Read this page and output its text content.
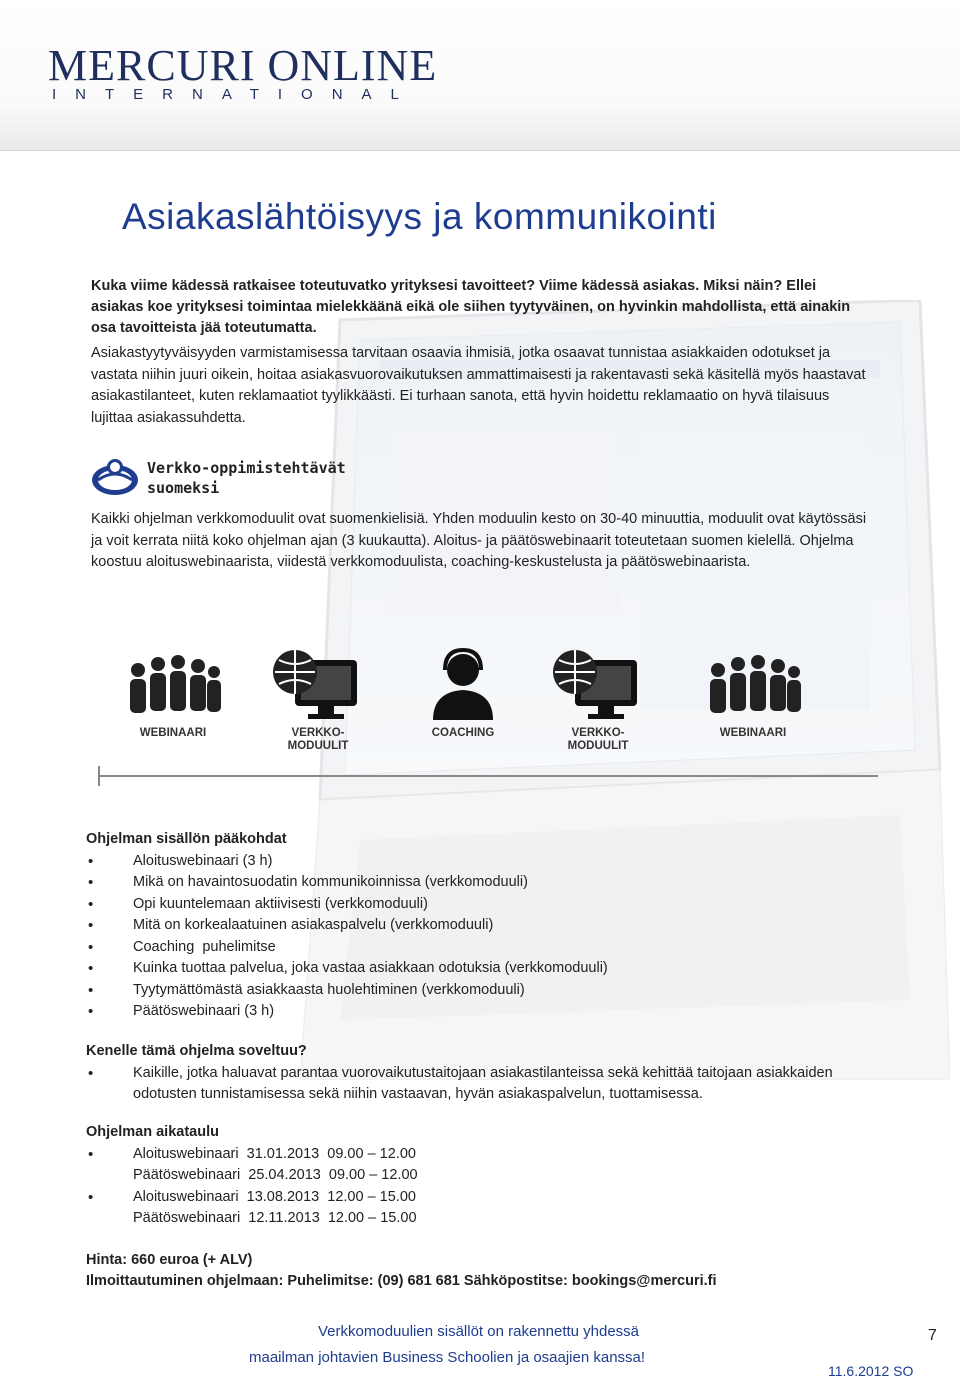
MERCURI ONLINE
INTERNATIONAL
Asiakaslähtöisyys ja kommunikointi
Kuka viime kädessä ratkaisee toteutuvatko yrityksesi tavoitteet? Viime kädessä asiakas. Miksi näin? Ellei asiakas koe yrityksesi toimintaa mielekkäänä eikä ole siihen tyytyväinen, on hyvinkin mahdollista, että ainakin osa tavoitteista jää toteutumatta.
Asiakastyytyväisyyden varmistamisessa tarvitaan osaavia ihmisiä, jotka osaavat tunnistaa asiakkaiden odotukset ja vastata niihin juuri oikein, hoitaa asiakasvuorovaikutuksen ammattimaisesti ja rakentavasti sekä käsitellä myös haastavat asiakastilanteet, kuten reklamaatiot tyylikkäästi. Ei turhaan sanota, että hyvin hoidettu reklamaatio on hyvä tilaisuus lujittaa asiakassuhdetta.
Verkko-oppimistehtävät
suomeksi
Kaikki ohjelman verkkomoduulit ovat suomenkielisiä. Yhden moduulin kesto on 30-40 minuuttia, moduulit ovat käytössäsi ja voit kerrata niitä koko ohjelman ajan (3 kuukautta). Aloitus- ja päätöswebinaarit toteutetaan suomen kielellä. Ohjelma koostuu aloituswebinaarista, viidestä verkkomoduulista, coaching-keskustelusta ja päätöswebinaarista.
WEBINAARI	VERKKO-
MODUULIT
COACHING	VERKKO-
MODUULIT
WEBINAARI
Ohjelman sisällön pääkohdat
• Aloituswebinaari (3 h)
• Mikä on havaintosuodatin kommunikoinnissa (verkkomoduuli)
• Opi kuuntelemaan aktiivisesti (verkkomoduuli)
• Mitä on korkealaatuinen asiakaspalvelu (verkkomoduuli)
• Coaching  puhelimitse
• Kuinka tuottaa palvelua, joka vastaa asiakkaan odotuksia (verkkomoduuli)
• Tyytymättömästä asiakkaasta huolehtiminen (verkkomoduuli)
• Päätöswebinaari (3 h)
Kenelle tämä ohjelma soveltuu?
• Kaikille, jotka haluavat parantaa vuorovaikutustaitojaan asiakastilanteissa sekä kehittää taitojaan asiakkaiden odotusten tunnistamisessa sekä niihin vastaavan, hyvän asiakaspalvelun, tuottamisessa.
Ohjelman aikataulu
• Aloituswebinaari  31.01.2013  09.00 – 12.00
Päätöswebinaari  25.04.2013  09.00 – 12.00
• Aloituswebinaari  13.08.2013  12.00 – 15.00
Päätöswebinaari  12.11.2013  12.00 – 15.00
Hinta: 660 euroa (+ ALV)
Ilmoittautuminen ohjelmaan: Puhelimitse: (09) 681 681 Sähköpostitse: bookings@mercuri.fi
Verkkomoduulien sisällöt on rakennettu yhdessä
maailman johtavien Business Schoolien ja osaajien kanssa!
7
11.6.2012 SO
